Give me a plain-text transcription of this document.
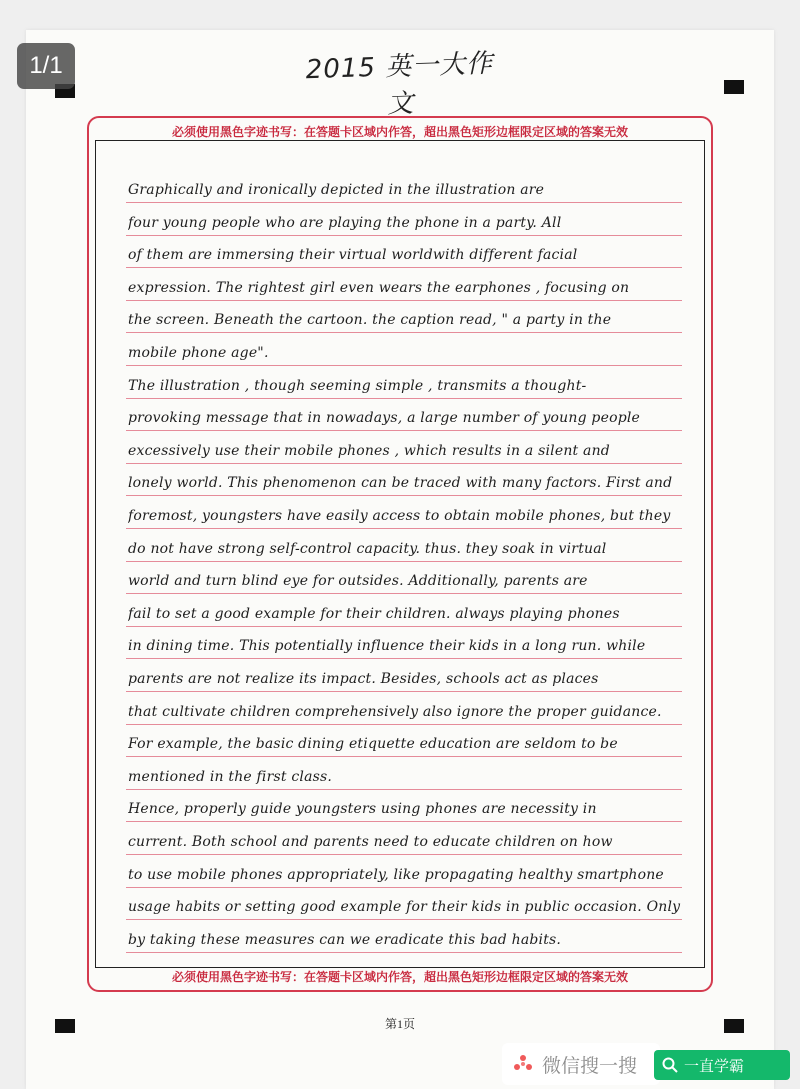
1/1	2015 英一大作文
必须使用黑色字迹书写：在答题卡区域内作答，超出黑色矩形边框限定区域的答案无效
必须使用黑色字迹书写：在答题卡区域内作答，超出黑色矩形边框限定区域的答案无效
Graphically and ironically depicted in the illustration are
four young people who are playing the phone in a party. All
of them are immersing their virtual worldwith different facial
expression. The rightest girl even wears the earphones , focusing on
the screen. Beneath the cartoon. the caption read, " a party in the
mobile phone age".
The illustration , though seeming simple , transmits a thought-
provoking message that in nowadays, a large number of young people
excessively use their mobile phones , which results in a silent and
lonely world. This phenomenon can be traced with many factors. First and
foremost, youngsters have easily access to obtain mobile phones, but they
do not have strong self-control capacity. thus. they soak in virtual
world and turn blind eye for outsides. Additionally, parents are
fail to set a good example for their children. always playing phones
in dining time. This potentially influence their kids in a long run. while
parents are not realize its impact. Besides, schools act as places
that cultivate children comprehensively also ignore the proper guidance.
For example, the basic dining etiquette education are seldom to be
mentioned in the first class.
Hence, properly guide youngsters using phones are necessity in
current. Both school and parents need to educate children on how
to use mobile phones appropriately, like propagating healthy smartphone
usage habits or setting good example for their kids in public occasion. Only
by taking these measures can we eradicate this bad habits.
第1页
微信搜一搜	一直学霸
